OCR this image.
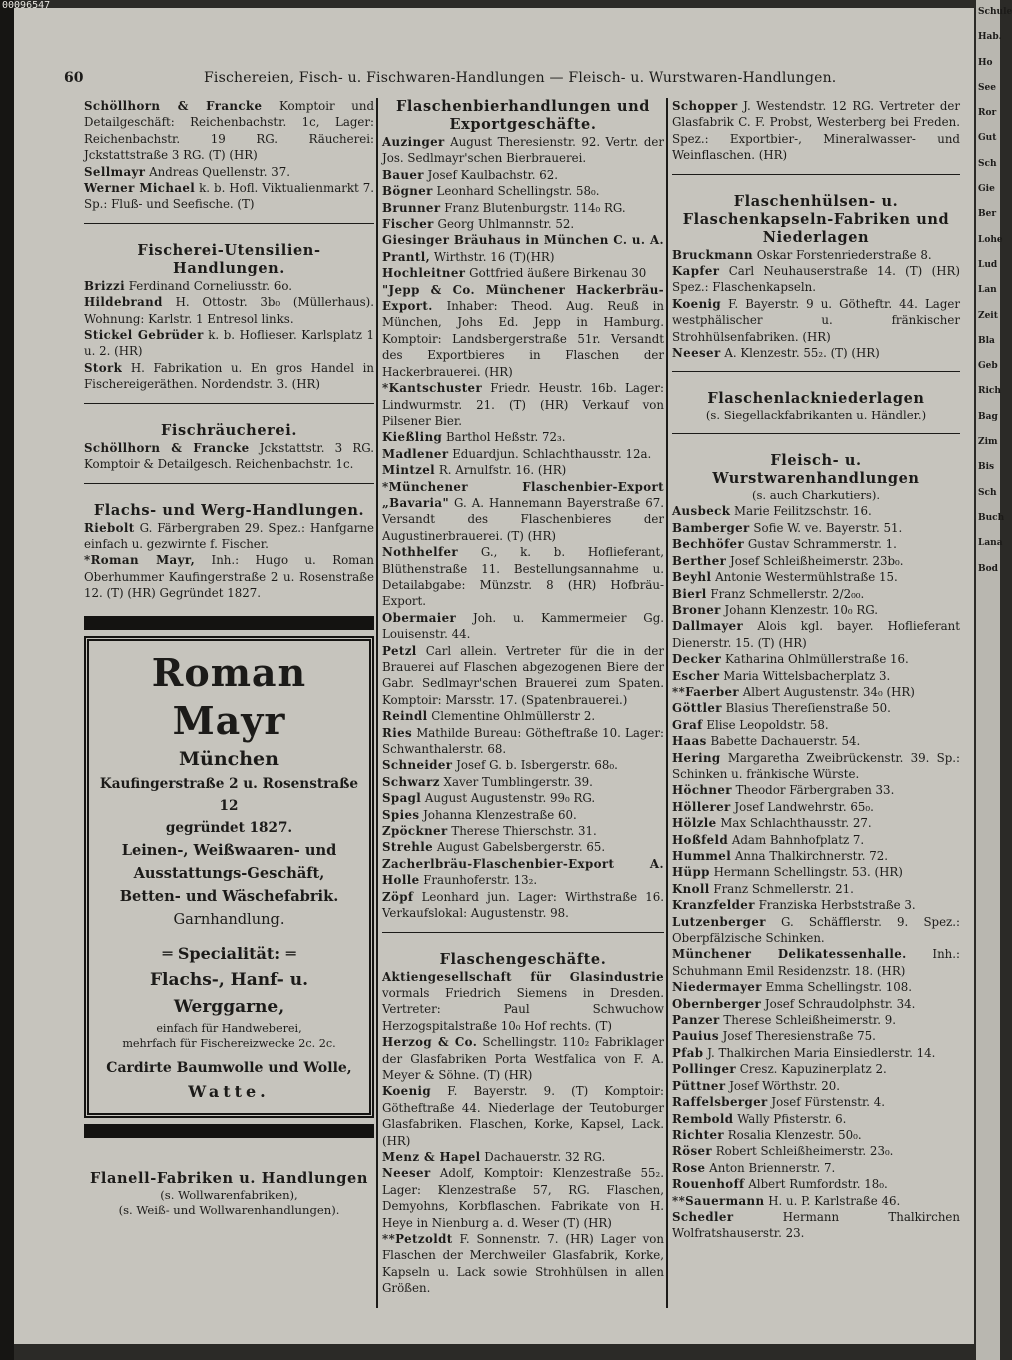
60	Fischereien, Fisch- u. Fischwaren-Handlungen — Fleisch- u. Wurstwaren-Handlungen.

Schöllhorn & Francke Komptoir und Detailgeschäft: Reichenbachstr. 1c, Lager: Reichenbachstr. 19 RG. Räucherei: Jckstattstraße 3 RG. (T) (HR)

Sellmayr Andreas Quellenstr. 37.

Werner Michael k. b. Hofl. Viktualienmarkt 7. Sp.: Fluß- und Seefische. (T)

Fischerei-Utensilien-Handlungen.

Brizzi Ferdinand Corneliusstr. 6o.

Hildebrand H. Ottostr. 3b₀ (Müllerhaus). Wohnung: Karlstr. 1 Entresol links.

Stickel Gebrüder k. b. Hoflieser. Karlsplatz 1 u. 2. (HR)

Stork H. Fabrikation u. En gros Handel in Fischereigeräthen. Nordendstr. 3. (HR)

Fischräucherei.

Schöllhorn & Francke Jckstattstr. 3 RG. Komptoir & Detailgesch. Reichenbachstr. 1c.

Flachs- und Werg-Handlungen.

Riebolt G. Färbergraben 29. Spez.: Hanfgarne einfach u. gezwirnte f. Fischer.

*Roman Mayr, Inh.: Hugo u. Roman Oberhummer Kaufingerstraße 2 u. Rosenstraße 12. (T) (HR) Gegründet 1827.

Roman Mayr
München
Kaufingerstraße 2 u. Rosenstraße 12
gegründet 1827.
Leinen-, Weißwaaren- und
Ausstattungs-Geschäft,
Betten- und Wäschefabrik.
Garnhandlung.
═ Specialität: ═
Flachs-, Hanf- u. Werggarne,
einfach für Handweberei,
mehrfach für Fischereizwecke 2c. 2c.
Cardirte Baumwolle und Wolle,
Watte.
Flanell-Fabriken u. Handlungen
(s. Wollwarenfabriken),
(s. Weiß- und Wollwarenhandlungen).
Flaschenbierhandlungen und Exportgeschäfte.

Auzinger August Theresienstr. 92. Vertr. der Jos. Sedlmayr'schen Bierbrauerei.

Bauer Josef Kaulbachstr. 62.

Bögner Leonhard Schellingstr. 58₀.

Brunner Franz Blutenburgstr. 114₀ RG.

Fischer Georg Uhlmannstr. 52.

Giesinger Bräuhaus in München C. u. A. Prantl, Wirthstr. 16 (T)(HR)

Hochleitner Gottfried äußere Birkenau 30

"Jepp & Co. Münchener Hackerbräu-Export. Inhaber: Theod. Aug. Reuß in München, Johs Ed. Jepp in Hamburg. Komptoir: Landsbergerstraße 51r. Versandt des Exportbieres in Flaschen der Hackerbrauerei. (HR)

*Kantschuster Friedr. Heustr. 16b. Lager: Lindwurmstr. 21. (T) (HR) Verkauf von Pilsener Bier.

Kießling Barthol Heßstr. 72₃.

Madlener Eduardjun. Schlachthausstr. 12a.

Mintzel R. Arnulfstr. 16. (HR)

*Münchener Flaschenbier-Export „Bavaria" G. A. Hannemann Bayerstraße 67. Versandt des Flaschenbieres der Augustinerbrauerei. (T) (HR)

Nothhelfer G., k. b. Hoflieferant, Blüthenstraße 11. Bestellungsannahme u. Detailabgabe: Münzstr. 8 (HR) Hofbräu-Export.

Obermaier Joh. u. Kammermeier Gg. Louisenstr. 44.

Petzl Carl allein. Vertreter für die in der Brauerei auf Flaschen abgezogenen Biere der Gabr. Sedlmayr'schen Brauerei zum Spaten. Komptoir: Marsstr. 17. (Spatenbrauerei.)

Reindl Clementine Ohlmüllerstr 2.

Ries Mathilde Bureau: Götheftraße 10. Lager: Schwanthalerstr. 68.

Schneider Josef G. b. Isbergerstr. 68₀.

Schwarz Xaver Tumblingerstr. 39.

Spagl August Augustenstr. 99₀ RG.

Spies Johanna Klenzestraße 60.

Zpöckner Therese Thierschstr. 31.

Strehle August Gabelsbergerstr. 65.

Zacherlbräu-Flaschenbier-Export A. Holle Fraunhoferstr. 13₂.

Zöpf Leonhard jun. Lager: Wirthstraße 16. Verkaufslokal: Augustenstr. 98.

Flaschengeschäfte.

Aktiengesellschaft für Glasindustrie vormals Friedrich Siemens in Dresden. Vertreter: Paul Schwuchow Herzogspitalstraße 10₀ Hof rechts. (T)

Herzog & Co. Schellingstr. 110₂ Fabriklager der Glasfabriken Porta Westfalica von F. A. Meyer & Söhne. (T) (HR)

Koenig F. Bayerstr. 9. (T) Komptoir: Götheftraße 44. Niederlage der Teutoburger Glasfabriken. Flaschen, Korke, Kapsel, Lack. (HR)

Menz & Hapel Dachauerstr. 32 RG.

Neeser Adolf, Komptoir: Klenzestraße 55₂. Lager: Klenzestraße 57, RG. Flaschen, Demyohns, Korbflaschen. Fabrikate von H. Heye in Nienburg a. d. Weser (T) (HR)

**Petzoldt F. Sonnenstr. 7. (HR) Lager von Flaschen der Merchweiler Glasfabrik, Korke, Kapseln u. Lack sowie Strohhülsen in allen Größen.

Schopper J. Westendstr. 12 RG. Vertreter der Glasfabrik C. F. Probst, Westerberg bei Freden. Spez.: Exportbier-, Mineralwasser- und Weinflaschen. (HR)

Flaschenhülsen- u. Flaschenkapseln-Fabriken und Niederlagen

Bruckmann Oskar Forstenriederstraße 8.

Kapfer Carl Neuhauserstraße 14. (T) (HR) Spez.: Flaschenkapseln.

Koenig F. Bayerstr. 9 u. Götheftr. 44. Lager westphälischer u. fränkischer Strohhülsenfabriken. (HR)

Neeser A. Klenzestr. 55₂. (T) (HR)

Flaschenlackniederlagen
(s. Siegellackfabrikanten u. Händler.)
Fleisch- u. Wurstwarenhandlungen
(s. auch Charkutiers).

Ausbeck Marie Feilitzschstr. 16.

Bamberger Sofie W. ve. Bayerstr. 51.

Bechhöfer Gustav Schrammerstr. 1.

Berther Josef Schleißheimerstr. 23b₀.

Beyhl Antonie Westermühlstraße 15.

Bierl Franz Schmellerstr. 2/2₀₀.

Broner Johann Klenzestr. 10₀ RG.

Dallmayer Alois kgl. bayer. Hoflieferant Dienerstr. 15. (T) (HR)

Decker Katharina Ohlmüllerstraße 16.

Escher Maria Wittelsbacherplatz 3.

**Faerber Albert Augustenstr. 34₀ (HR)

Göttler Blasius Thereſienstraße 50.

Graf Elise Leopoldstr. 58.

Haas Babette Dachauerstr. 54.

Hering Margaretha Zweibrückenstr. 39. Sp.: Schinken u. fränkische Würste.

Höchner Theodor Färbergraben 33.

Höllerer Josef Landwehrstr. 65₀.

Hölzle Max Schlachthausstr. 27.

Hoßfeld Adam Bahnhofplatz 7.

Hummel Anna Thalkirchnerstr. 72.

Hüpp Hermann Schellingstr. 53. (HR)

Knoll Franz Schmellerstr. 21.

Kranzfelder Franziska Herbststraße 3.

Lutzenberger G. Schäfflerstr. 9. Spez.: Oberpfälzische Schinken.

Münchener Delikatessenhalle. Inh.: Schuhmann Emil Residenzstr. 18. (HR)

Niedermayer Emma Schellingstr. 108.

Obernberger Josef Schraudolphstr. 34.

Panzer Therese Schleißheimerstr. 9.

Pauius Josef Theresienstraße 75.

Pfab J. Thalkirchen Maria Einsiedlerstr. 14.

Pollinger Cresz. Kapuzinerplatz 2.

Püttner Josef Wörthstr. 20.

Raffelsberger Josef Fürstenstr. 4.

Rembold Wally Pfisterstr. 6.

Richter Rosalia Klenzestr. 50₀.

Röser Robert Schleißheimerstr. 23₀.

Rose Anton Briennerstr. 7.

Rouenhoff Albert Rumfordstr. 18₀.

**Sauermann H. u. P. Karlstraße 46.

Schedler	Hermann Thalkirchen Wolfratshauserstr. 23.

Schule
Hab.
Ho
See
Ror
Gut
Sch
Gie
Ber
Lohe
Lud
Lan
Zeit
Bla
Geb
Rich
Bag
Zim
Bis
Sch
Buch
Lana
Bod
00096547
